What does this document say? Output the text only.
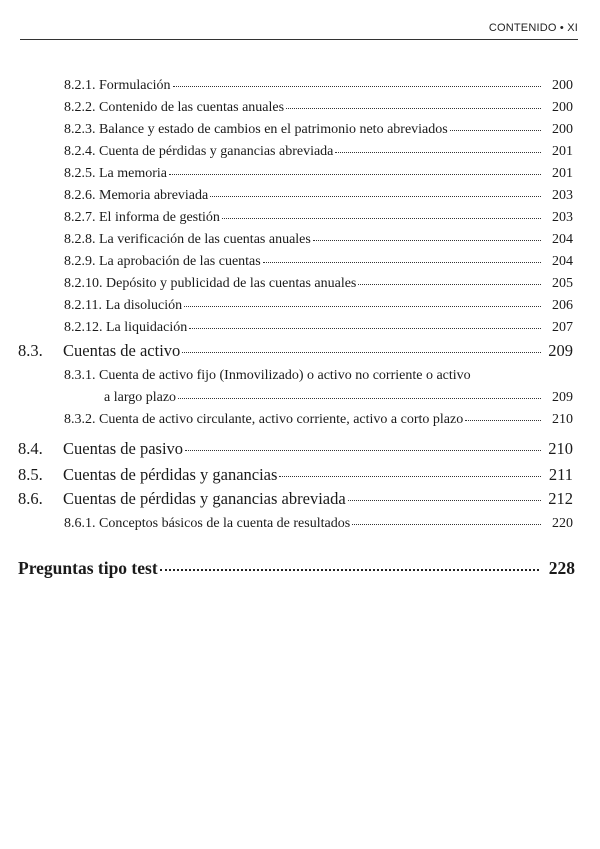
CONTENIDO • XI
8.2.1. Formulación	200
8.2.2. Contenido de las cuentas anuales	200
8.2.3. Balance y estado de cambios en el patrimonio neto abreviados	200
8.2.4. Cuenta de pérdidas y ganancias abreviada	201
8.2.5. La memoria	201
8.2.6. Memoria abreviada	203
8.2.7. El informa de gestión	203
8.2.8. La verificación de las cuentas anuales	204
8.2.9. La aprobación de las cuentas	204
8.2.10. Depósito y publicidad de las cuentas anuales	205
8.2.11. La disolución	206
8.2.12. La liquidación	207
8.3. Cuentas de activo	209
8.3.1. Cuenta de activo fijo (Inmovilizado) o activo no corriente o activo
a largo plazo	209
8.3.2. Cuenta de activo circulante, activo corriente, activo a corto plazo	210
8.4. Cuentas de pasivo	210
8.5. Cuentas de pérdidas y ganancias	211
8.6. Cuentas de pérdidas y ganancias abreviada	212
8.6.1. Conceptos básicos de la cuenta de resultados	220
Preguntas tipo test	228
